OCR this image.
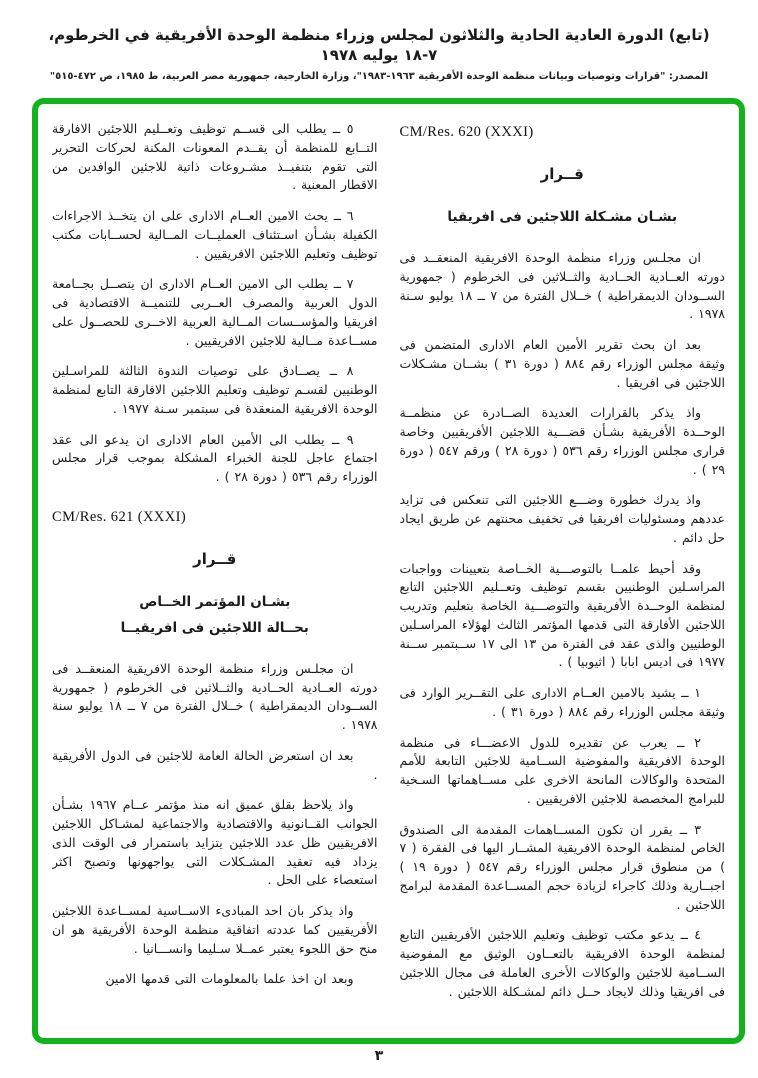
(تابع) الدورة العادية الحادية والثلاثون لمجلس وزراء منظمة الوحدة الأفريقية في الخرطوم، ٧-١٨ يوليه ١٩٧٨
المصدر: "قرارات وتوصيات وبيانات منظمة الوحدة الأفريقية ١٩٦٣-١٩٨٣"، وزارة الخارجية، جمهورية مصر العربية، ط ١٩٨٥، ص ٤٧٢-٥١٥"
CM/Res. 620 (XXXI)
قــرار
بشـان مشـكلة اللاجئين فى افريقيا

ان مجلـس وزراء منظمة الوحدة الافريقية المنعقــد فى دورته العــادية الحــادية والثــلاثين فى الخرطوم ( جمهورية الســودان الديمقراطية ) خــلال الفترة من ٧ ــ ١٨ يوليو سـنة ١٩٧٨ .

بعد ان بحث تقرير الأمين العام الادارى المتضمن فى وثيقة مجلس الوزراء رقم ٨٨٤ ( دورة ٣١ ) بشــان مشـكلات اللاجئين فى افريقيا .

واذ يذكر بالقرارات العديدة الصــادرة عن منظمــة الوحــدة الأفريقية بشـأن قضـــية اللاجئين الأفريقيين وخاصة قرارى مجلس الوزراء رقم ٥٣٦ ( دورة ٢٨ ) ورقم ٥٤٧ ( دورة ٢٩ ) .

واذ يدرك خطورة وضـــع اللاجئين التى تنعكس فى تزايد عددهم ومسئوليات افريقيا فى تخفيف محنتهم عن طريق ايجاد حل دائم .

وقد أحيط علمــا بالتوصـــية الخــاصة بتعيينات وواجبات المراسـلين الوطنيين بقسم توظيف وتعــليم اللاجئين التابع لمنظمة الوحــدة الأفريقية والتوصـــية الخاصة بتعليم وتدريب اللاجئين الأفارقة التى قدمها المؤتمر الثالث لهؤلاء المراسـلين الوطنيين والذى عقد فى الفترة من ١٣ الى ١٧ ســبتمبر ســنة ١٩٧٧ فى اديس ابابا ( اثيوبيا ) .

١ ــ يشيد بالامين العــام الادارى على التقــرير الوارد فى وثيقة مجلس الوزراء رقم ٨٨٤ ( دورة ٣١ ) .

٢ ــ يعرب عن تقديره للدول الاعضـــاء فى منظمة الوحدة الافريقية والمفوضية الســامية للاجئين التابعة للأمم المتحدة والوكالات المانحة الاخرى على مســاهماتها السـخية للبرامج المخصصة للاجئين الافريقيين .

٣ ــ يقرر ان تكون المســاهمات المقدمة الى الصندوق الخاص لمنظمة الوحدة الافريقية المشــار اليها فى الفقرة ( ٧ ) من منطوق قرار مجلس الوزراء رقم ٥٤٧ ( دورة ١٩ ) اجبــارية وذلك كاجراء لزيادة حجم المســاعدة المقدمة لبرامج اللاجئين .

٤ ــ يدعو مكتب توظيف وتعليم اللاجئين الأفريقيين التابع لمنظمة الوحدة الافريقية بالتعــاون الوثيق مع المفوضية الســامية للاجئين والوكالات الأخرى العاملة فى مجال اللاجئين فى افريقيا وذلك لايجاد حــل دائم لمشـكلة اللاجئين .

٥ ــ يطلب الى قســم توظيف وتعــليم اللاجئين الافارقة التــابع للمنظمة أن يقــدم المعونات المكنة لحركات التحرير التى تقوم بتنفيــذ مشـروعات ذاتية للاجئين الوافدين من الاقطار المعنية .

٦ ــ يحث الامين العــام الادارى على ان يتخــذ الاجراءات الكفيلة بشـأن اسـتئناف العمليــات المــالية لحســابات مكتب توظيف وتعليم اللاجئين الافريقيين .

٧ ــ يطلب الى الامين العــام الادارى ان يتصــل بجــامعة الدول العربية والمصرف العــربى للتنميــة الاقتصادية فى افريقيا والمؤســسات المــالية العربية الاخــرى للحصــول على مســاعدة مــالية للاجئين الافريقيين .

٨ ــ يصــادق على توصيات الندوة الثالثة للمراسـلين الوطنيين لقسـم توظيف وتعليم اللاجئين الافارقة التابع لمنظمة الوحدة الافريقية المنعقدة فى سبتمبر سـنة ١٩٧٧ .

٩ ــ يطلب الى الأمين العام الادارى ان يدعو الى عقد اجتماع عاجل للجنة الخبراء المشكلة بموجب قرار مجلس الوزراء رقم ٥٣٦ ( دورة ٢٨ ) .

CM/Res. 621 (XXXI)
قــرار
بشـان المؤتمر الخــاص
بحــالة اللاجئين فى افريقيــا

ان مجلـس وزراء منظمة الوحدة الافريقية المنعقــد فى دورته العــادية الحــادية والثــلاثين فى الخرطوم ( جمهورية الســودان الديمقراطية ) خــلال الفترة من ٧ ــ ١٨ يوليو سنة ١٩٧٨ .

بعد ان استعرض الحالة العامة للاجئين فى الدول الأفريقية .

واذ يلاحظ بقلق عميق انه منذ مؤتمر عــام ١٩٦٧ بشـأن الجوانب القــانونية والاقتصادية والاجتماعية لمشـاكل اللاجئين الافريقيين ظل عدد اللاجئين يتزايد باستمرار فى الوقت الذى يزداد فيه تعقيد المشـكلات التى يواجهونها وتصبح اكثر استعصاء على الحل .

واذ يذكر بان احد المبادىء الاســاسية لمســاعدة اللاجئين الأفريقيين كما عددته اتفاقية منظمة الوحدة الأفريقية هو ان منح حق اللجوء يعتبر عمــلا سـليما وانســـانيا .

وبعد ان اخذ علما بالمعلومات التى قدمها الامين

٣
